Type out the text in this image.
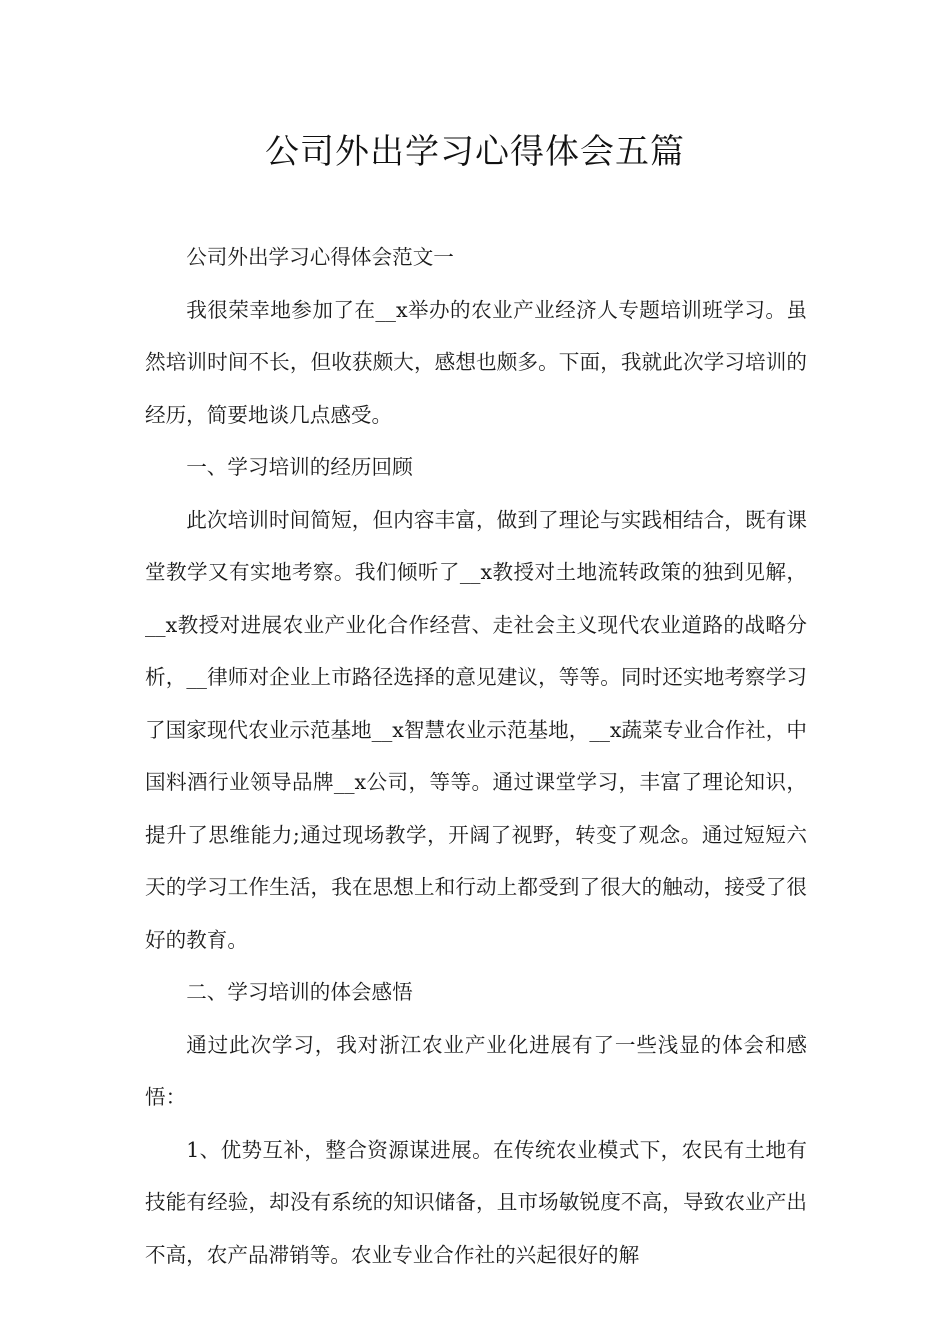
公司外出学习心得体会五篇

公司外出学习心得体会范文一

我很荣幸地参加了在__x举办的农业产业经济人专题培训班学习。虽然培训时间不长，但收获颇大，感想也颇多。下面，我就此次学习培训的经历，简要地谈几点感受。

一、学习培训的经历回顾

此次培训时间简短，但内容丰富，做到了理论与实践相结合，既有课堂教学又有实地考察。我们倾听了__x教授对土地流转政策的独到见解，__x教授对进展农业产业化合作经营、走社会主义现代农业道路的战略分析，__律师对企业上市路径选择的意见建议，等等。同时还实地考察学习了国家现代农业示范基地__x智慧农业示范基地，__x蔬菜专业合作社，中国料酒行业领导品牌__x公司，等等。通过课堂学习，丰富了理论知识，提升了思维能力;通过现场教学，开阔了视野，转变了观念。通过短短六天的学习工作生活，我在思想上和行动上都受到了很大的触动，接受了很好的教育。

二、学习培训的体会感悟

通过此次学习，我对浙江农业产业化进展有了一些浅显的体会和感悟：

1、优势互补，整合资源谋进展。在传统农业模式下，农民有土地有技能有经验，却没有系统的知识储备，且市场敏锐度不高，导致农业产出不高，农产品滞销等。农业专业合作社的兴起很好的解
